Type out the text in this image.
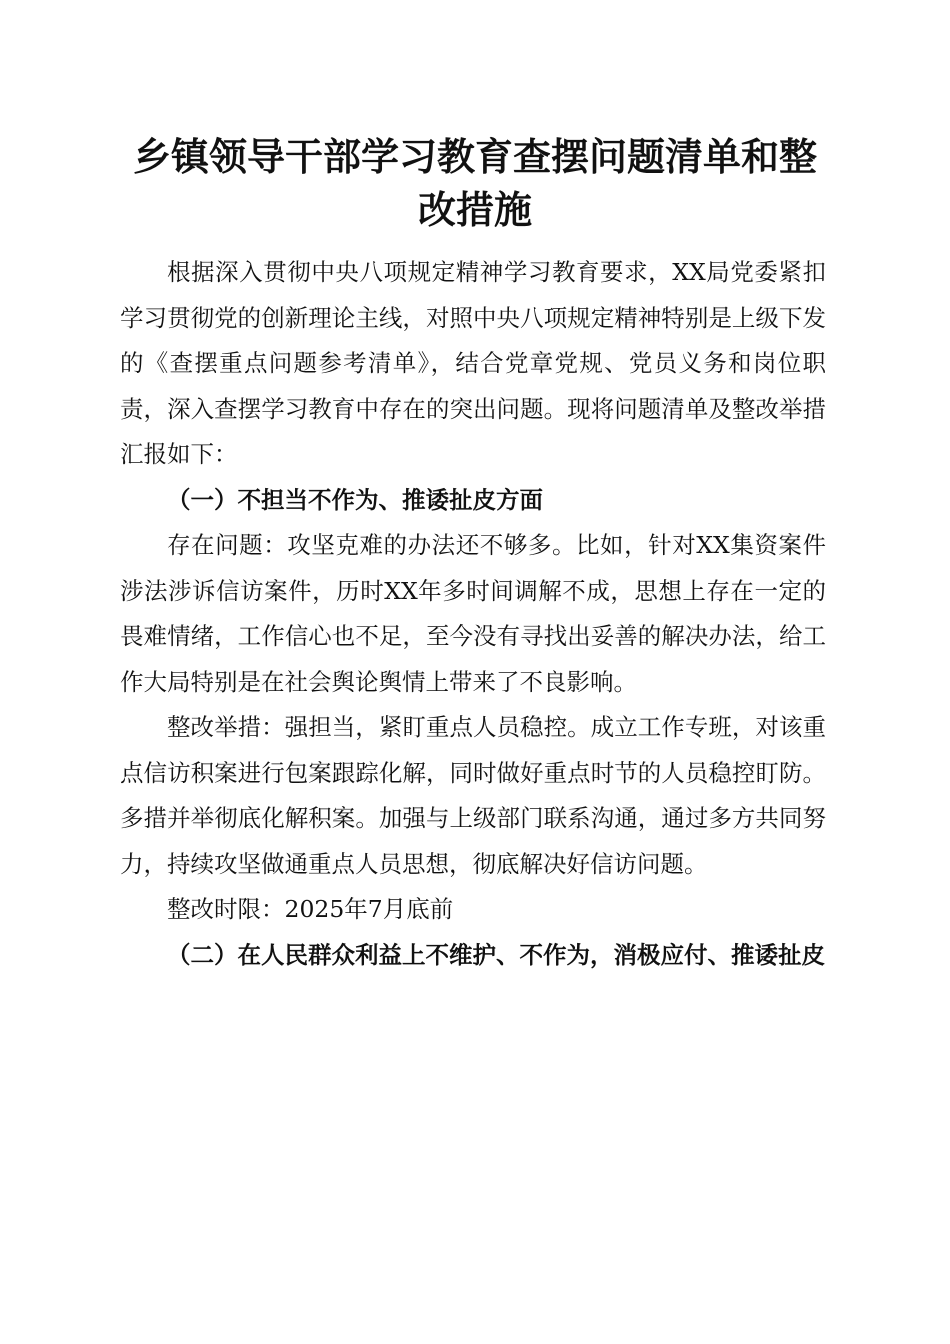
乡镇领导干部学习教育查摆问题清单和整改措施

根据深入贯彻中央八项规定精神学习教育要求，XX局党委紧扣学习贯彻党的创新理论主线，对照中央八项规定精神特别是上级下发的《查摆重点问题参考清单》，结合党章党规、党员义务和岗位职责，深入查摆学习教育中存在的突出问题。现将问题清单及整改举措汇报如下：

（一）不担当不作为、推诿扯皮方面

存在问题：攻坚克难的办法还不够多。比如，针对XX集资案件涉法涉诉信访案件，历时XX年多时间调解不成，思想上存在一定的畏难情绪，工作信心也不足，至今没有寻找出妥善的解决办法，给工作大局特别是在社会舆论舆情上带来了不良影响。

整改举措：强担当，紧盯重点人员稳控。成立工作专班，对该重点信访积案进行包案跟踪化解，同时做好重点时节的人员稳控盯防。多措并举彻底化解积案。加强与上级部门联系沟通，通过多方共同努力，持续攻坚做通重点人员思想，彻底解决好信访问题。

整改时限：2025年7月底前

（二）在人民群众利益上不维护、不作为，消极应付、推诿扯皮
